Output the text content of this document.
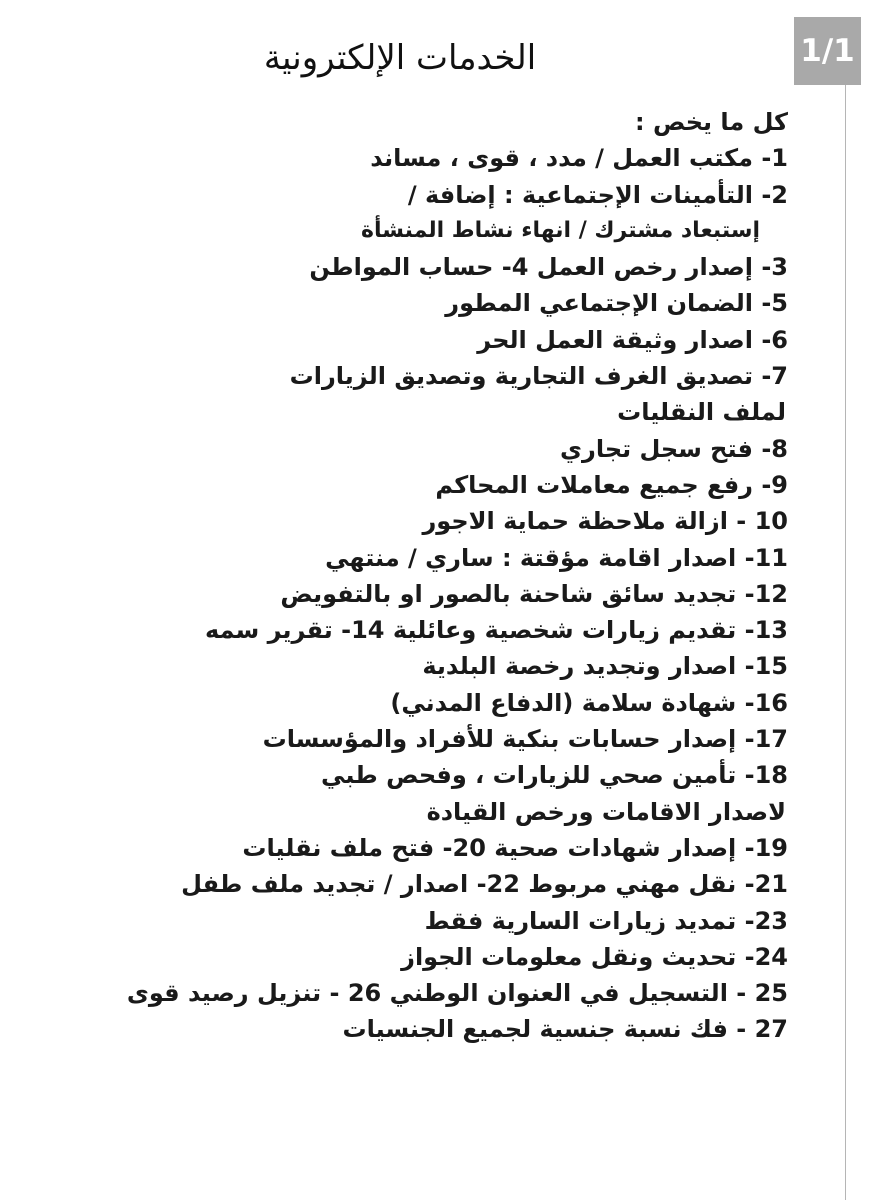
1/1
الخدمات الإلكترونية
كل ما يخص :
1- مكتب العمل / مدد ، قوى ، مساند
2- التأمينات الإجتماعية : إضافة /
إستبعاد مشترك / انهاء نشاط المنشأة
3- إصدار رخص العمل 4- حساب المواطن
5- الضمان الإجتماعي المطور
6- اصدار وثيقة العمل الحر
7- تصديق الغرف التجارية وتصديق الزيارات
لملف النقليات
8- فتح سجل تجاري
9- رفع جميع معاملات المحاكم
10 - ازالة ملاحظة حماية الاجور
11- اصدار اقامة مؤقتة : ساري / منتهي
12- تجديد سائق شاحنة بالصور او بالتفويض
13- تقديم زيارات شخصية وعائلية 14- تقرير سمه
15- اصدار وتجديد رخصة البلدية
16- شهادة سلامة (الدفاع المدني)
17- إصدار حسابات بنكية للأفراد والمؤسسات
18- تأمين صحي للزيارات ، وفحص طبي
لاصدار الاقامات ورخص القيادة
19- إصدار شهادات صحية 20- فتح ملف نقليات
21- نقل مهني مربوط 22- اصدار / تجديد ملف طفل
23- تمديد زيارات السارية فقط
24- تحديث ونقل معلومات الجواز
25 - التسجيل في العنوان الوطني 26 - تنزيل رصيد قوى
27 - فك نسبة جنسية لجميع الجنسيات
